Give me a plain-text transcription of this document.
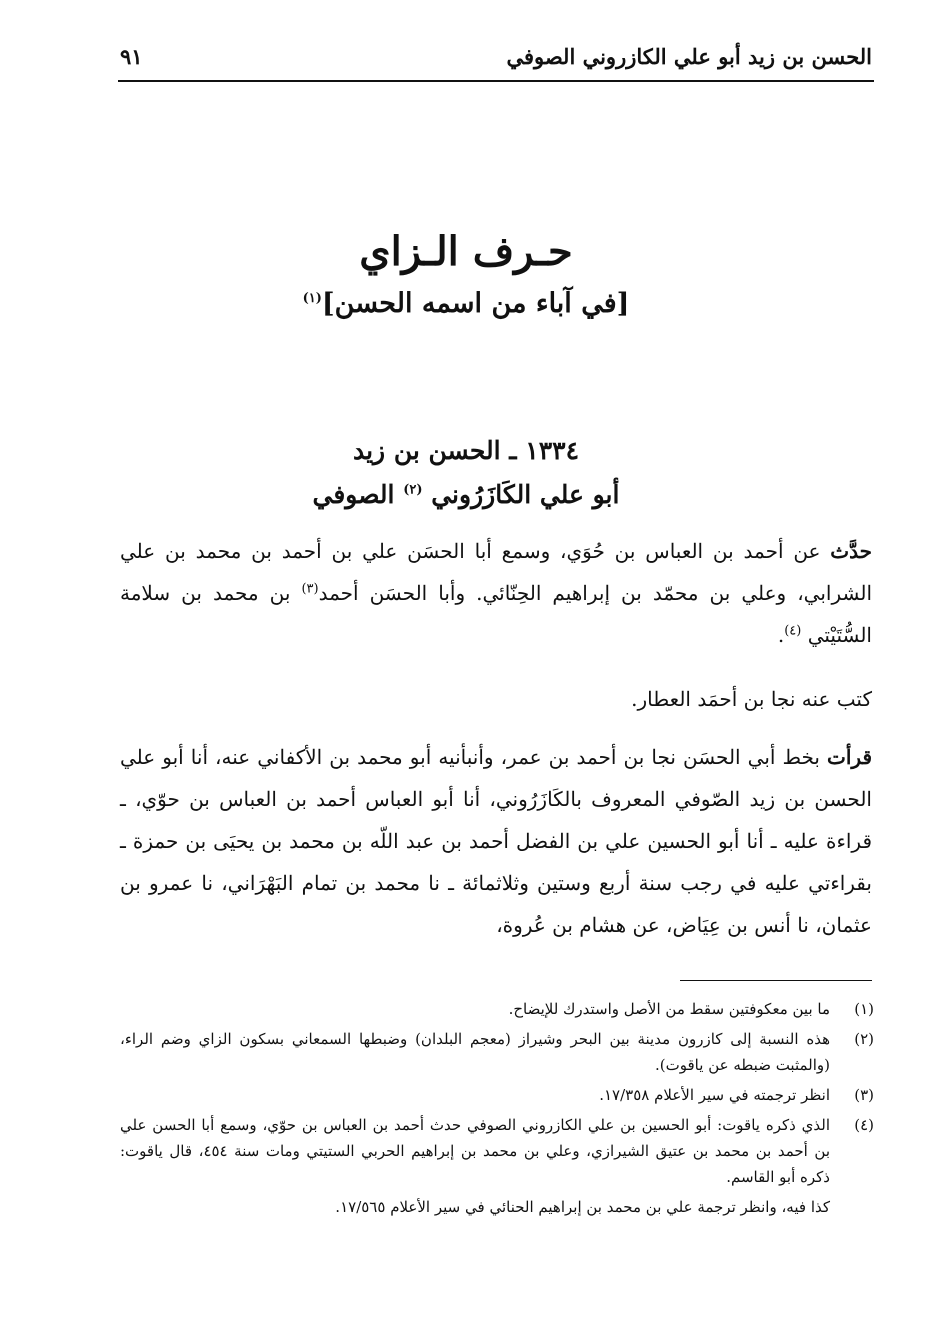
الحسن بن زيد أبو علي الكازروني الصوفي
٩١
حـرف الـزاي
[في آباء من اسمه الحسن]$^{(١)}$
١٣٣٤ ـ الحسن بن زيد
أبو علي الكَازَرُوني $^{(٢)}$ الصوفي
حدَّث عن أحمد بن العباس بن حُوَي، وسمع أبا الحسَن علي بن أحمد بن محمد بن علي الشرابي، وعلي بن محمّد بن إبراهيم الحِنّائي. وأبا الحسَن أحمد$^{(٣)}$ بن محمد بن سلامة السُّتَيْتي $^{(٤)}$.
كتب عنه نجا بن أحمَد العطار.
قرأت بخط أبي الحسَن نجا بن أحمد بن عمر، وأنبأنيه أبو محمد بن الأكفاني عنه، أنا أبو علي الحسن بن زيد الصّوفي المعروف بالكَازَرُوني، أنا أبو العباس أحمد بن العباس بن حوّي، ـ قراءة عليه ـ أنا أبو الحسين علي بن الفضل أحمد بن عبد اللّه بن محمد بن يحيَى بن حمزة ـ بقراءتي عليه في رجب سنة أربع وستين وثلاثمائة ـ نا محمد بن تمام البَهْرَاني، نا عمرو بن عثمان، نا أنس بن عِيَاض، عن هشام بن عُروة،
(١)
ما بين معكوفتين سقط من الأصل واستدرك للإيضاح.
(٢)
هذه النسبة إلى كازرون مدينة بين البحر وشيراز (معجم البلدان) وضبطها السمعاني بسكون الزاي وضم الراء، (والمثبت ضبطه عن ياقوت).
(٣)
انظر ترجمته في سير الأعلام ١٧/٣٥٨.
(٤)
الذي ذكره ياقوت: أبو الحسين بن علي الكازروني الصوفي حدث أحمد بن العباس بن حوّي، وسمع أبا الحسن علي بن أحمد بن محمد بن عتيق الشيرازي، وعلي بن محمد بن إبراهيم الحربي الستيتي ومات سنة ٤٥٤، قال ياقوت: ذكره أبو القاسم.
كذا فيه، وانظر ترجمة علي بن محمد بن إبراهيم الحنائي في سير الأعلام ١٧/٥٦٥.
